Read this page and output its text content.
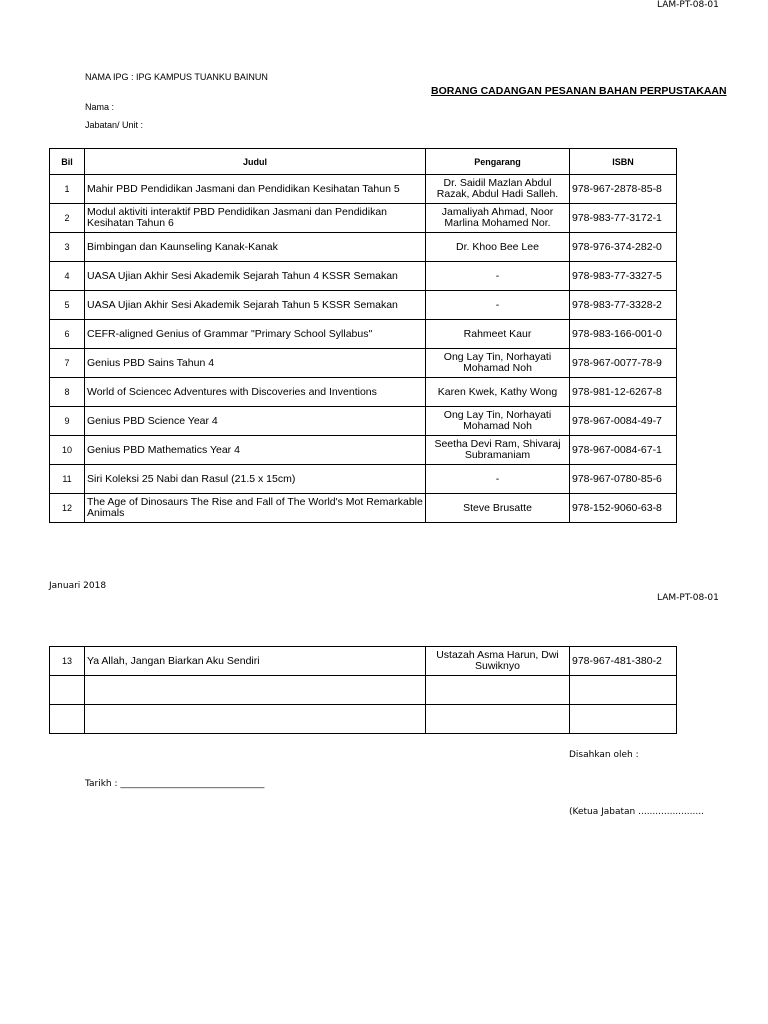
LAM-PT-08-01
NAMA IPG : IPG KAMPUS TUANKU BAINUN
BORANG CADANGAN PESANAN BAHAN PERPUSTAKAAN
Nama :
Jabatan/ Unit :
Bil	Judul	Pengarang	ISBN
1	Mahir PBD Pendidikan Jasmani dan Pendidikan Kesihatan Tahun 5	Dr. Saidil Mazlan Abdul Razak, Abdul Hadi Salleh.	978-967-2878-85-8
2	Modul aktiviti interaktif PBD Pendidikan Jasmani dan Pendidikan Kesihatan Tahun 6	Jamaliyah Ahmad, Noor Marlina Mohamed Nor.	978-983-77-3172-1
3	Bimbingan dan Kaunseling Kanak-Kanak	Dr. Khoo Bee Lee	978-976-374-282-0
4	UASA Ujian Akhir Sesi Akademik Sejarah Tahun 4 KSSR Semakan	-	978-983-77-3327-5
5	UASA Ujian Akhir Sesi Akademik Sejarah Tahun 5 KSSR Semakan	-	978-983-77-3328-2
6	CEFR-aligned Genius of Grammar "Primary School Syllabus"	Rahmeet Kaur	978-983-166-001-0
7	Genius PBD Sains Tahun 4	Ong Lay Tin, Norhayati Mohamad Noh	978-967-0077-78-9
8	World of Sciencec Adventures with Discoveries and Inventions	Karen Kwek, Kathy Wong	978-981-12-6267-8
9	Genius PBD Science Year 4	Ong Lay Tin, Norhayati Mohamad Noh	978-967-0084-49-7
10	Genius PBD Mathematics Year 4	Seetha Devi Ram, Shivaraj Subramaniam	978-967-0084-67-1
11	Siri Koleksi 25 Nabi dan Rasul (21.5 x 15cm)	-	978-967-0780-85-6
12	The Age of Dinosaurs The Rise and Fall of The World's Mot Remarkable Animals	Steve Brusatte	978-152-9060-63-8
Januari 2018
LAM-PT-08-01
13	Ya Allah, Jangan Biarkan Aku Sendiri	Ustazah Asma Harun, Dwi Suwiknyo	978-967-481-380-2

Disahkan oleh :
Tarikh : ________________________________
(Ketua Jabatan .......................
